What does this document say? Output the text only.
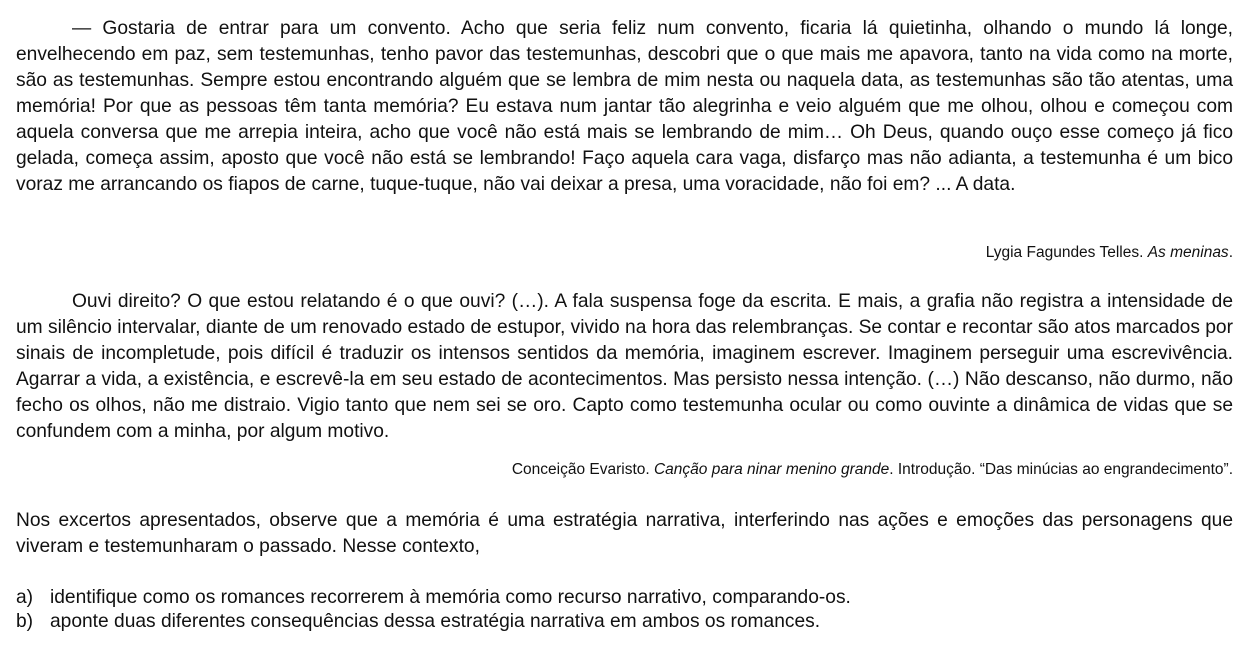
— Gostaria de entrar para um convento. Acho que seria feliz num convento, ficaria lá quietinha, olhando o mundo lá longe, envelhecendo em paz, sem testemunhas, tenho pavor das testemunhas, descobri que o que mais me apavora, tanto na vida como na morte, são as testemunhas. Sempre estou encontrando alguém que se lembra de mim nesta ou naquela data, as testemunhas são tão atentas, uma memória! Por que as pessoas têm tanta memória? Eu estava num jantar tão alegrinha e veio alguém que me olhou, olhou e começou com aquela conversa que me arrepia inteira, acho que você não está mais se lembrando de mim… Oh Deus, quando ouço esse começo já fico gelada, começa assim, aposto que você não está se lembrando! Faço aquela cara vaga, disfarço mas não adianta, a testemunha é um bico voraz me arrancando os fiapos de carne, tuque-tuque, não vai deixar a presa, uma voracidade, não foi em? ... A data.

Lygia Fagundes Telles. As meninas.

Ouvi direito? O que estou relatando é o que ouvi? (…). A fala suspensa foge da escrita. E mais, a grafia não registra a intensidade de um silêncio intervalar, diante de um renovado estado de estupor, vivido na hora das relembranças. Se contar e recontar são atos marcados por sinais de incompletude, pois difícil é traduzir os intensos sentidos da memória, imaginem escrever. Imaginem perseguir uma escrevivência. Agarrar a vida, a existência, e escrevê-la em seu estado de acontecimentos. Mas persisto nessa intenção. (…) Não descanso, não durmo, não fecho os olhos, não me distraio. Vigio tanto que nem sei se oro. Capto como testemunha ocular ou como ouvinte a dinâmica de vidas que se confundem com a minha, por algum motivo.

Conceição Evaristo. Canção para ninar menino grande. Introdução. “Das minúcias ao engrandecimento”.

Nos excertos apresentados, observe que a memória é uma estratégia narrativa, interferindo nas ações e emoções das personagens que viveram e testemunharam o passado. Nesse contexto,

a) identifique como os romances recorrerem à memória como recurso narrativo, comparando-os.
b) aponte duas diferentes consequências dessa estratégia narrativa em ambos os romances.
